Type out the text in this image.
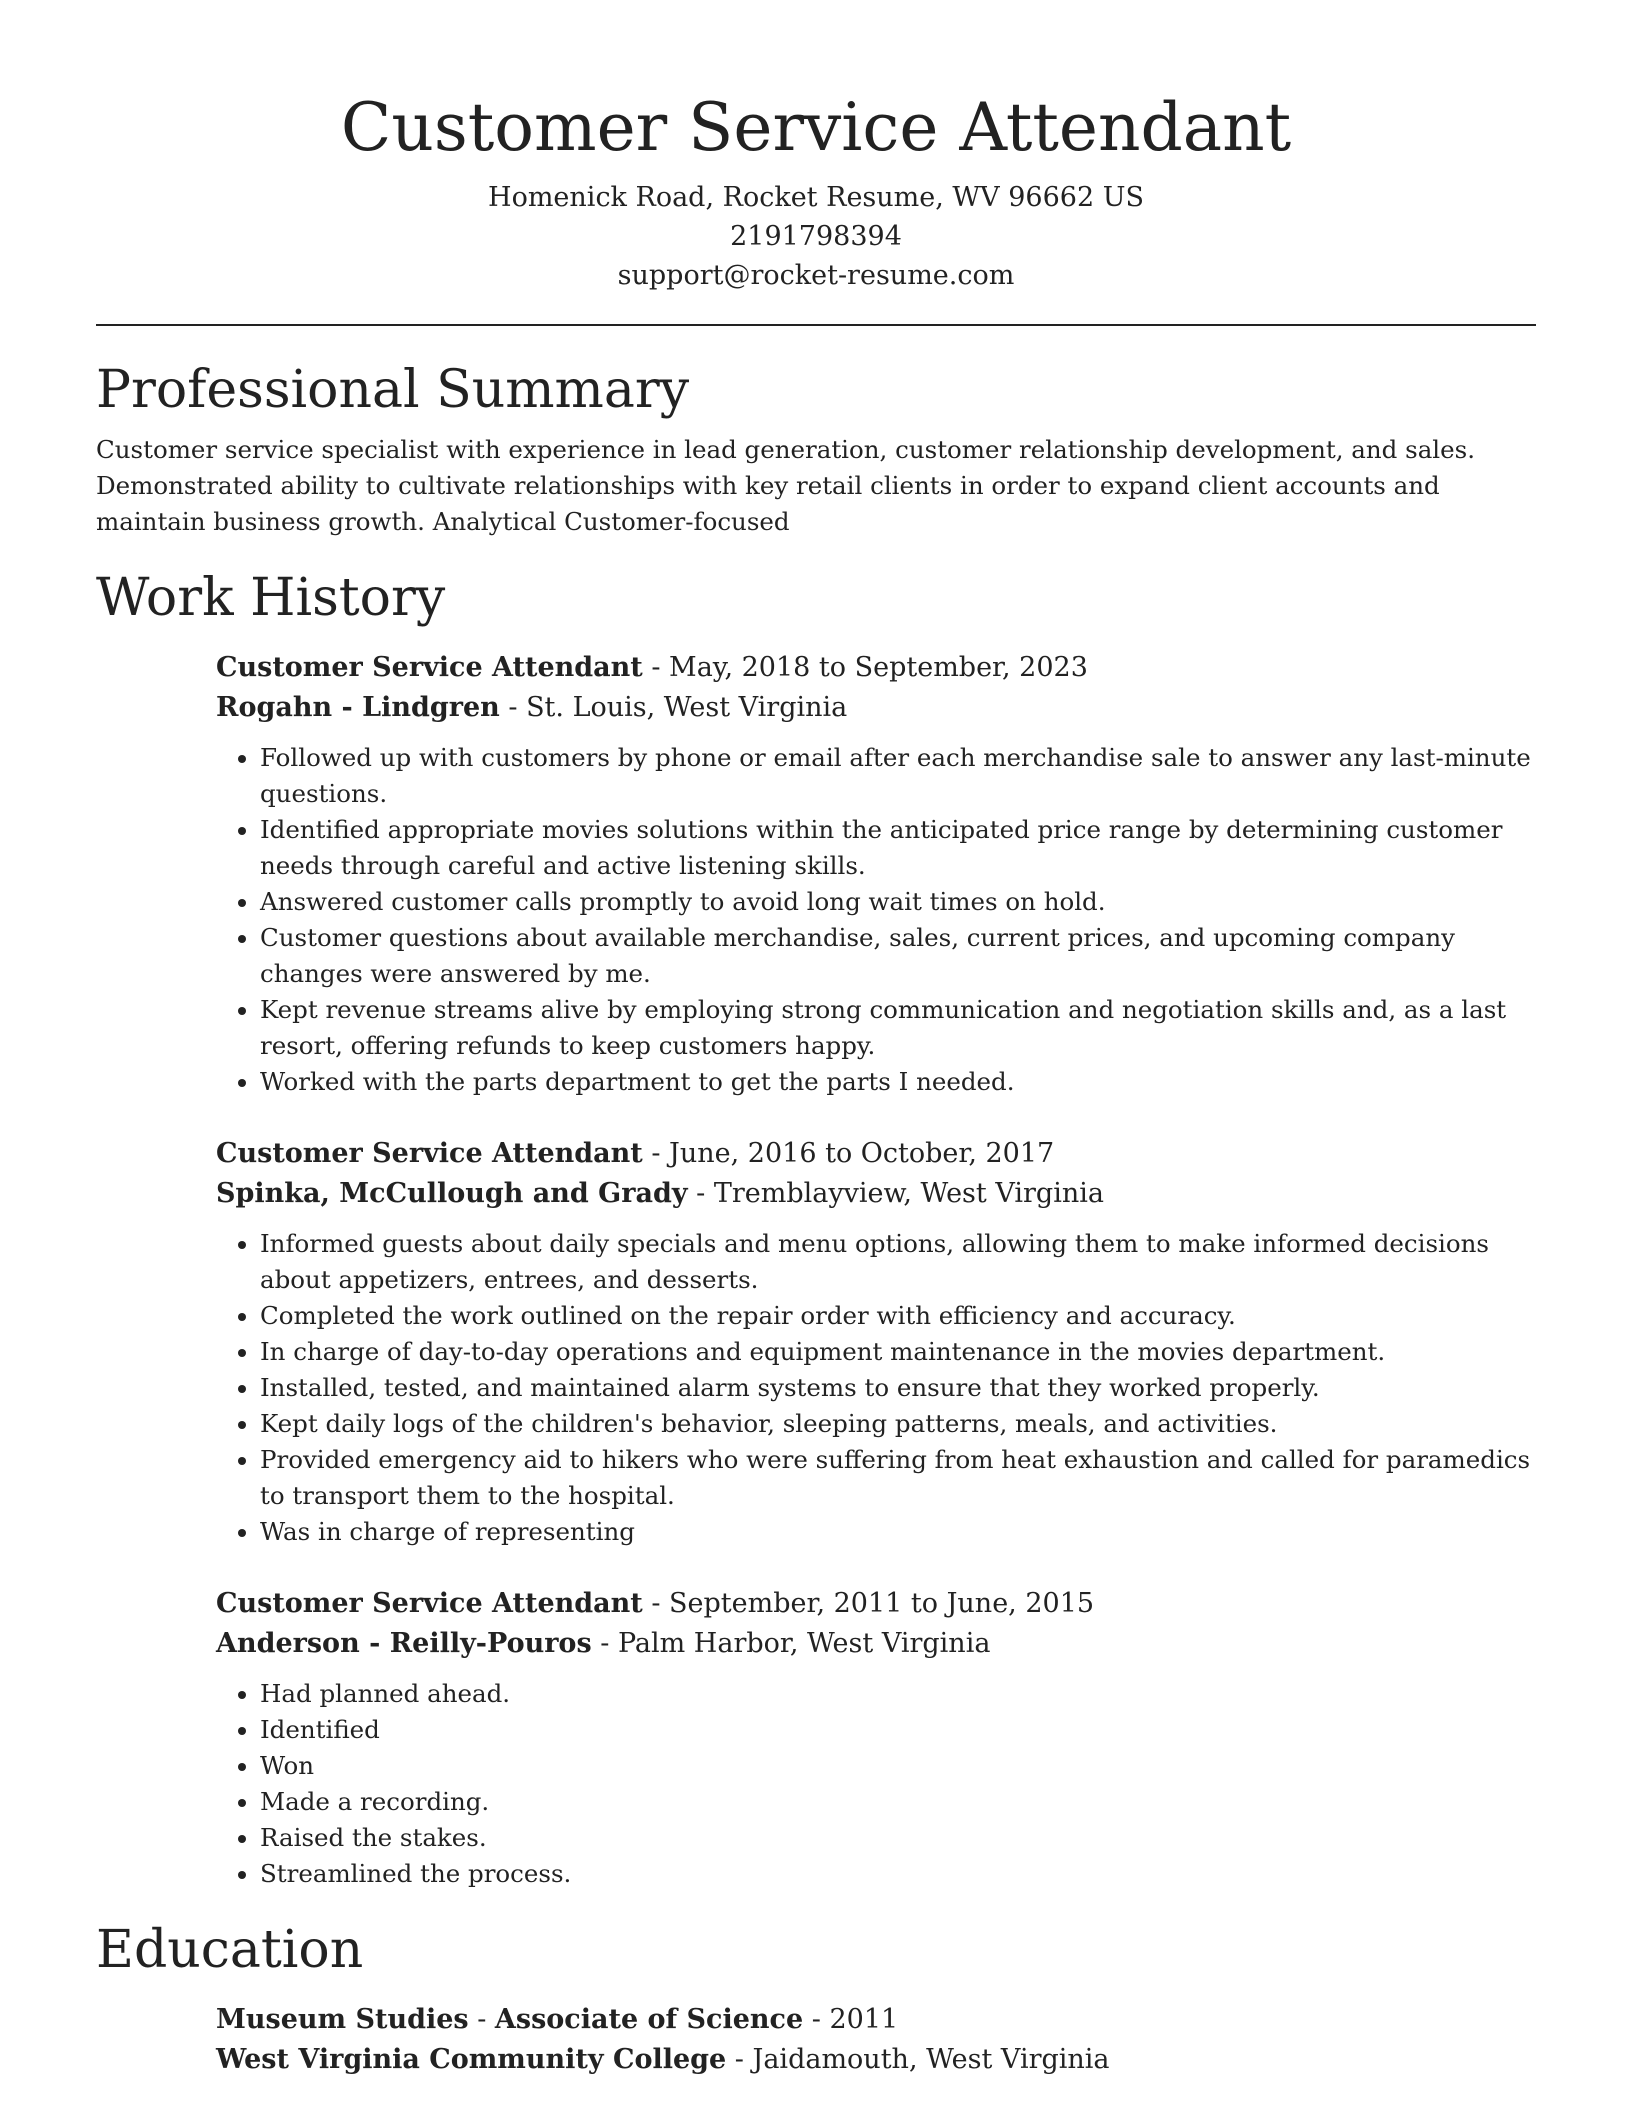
Customer Service Attendant
Homenick Road, Rocket Resume, WV 96662 US
2191798394
support@rocket-resume.com
Professional Summary

Customer service specialist with experience in lead generation, customer relationship development, and sales. Demonstrated ability to cultivate relationships with key retail clients in order to expand client accounts and maintain business growth. Analytical Customer-focused

Work History
Customer Service Attendant - May, 2018 to September, 2023
Rogahn - Lindgren - St. Louis, West Virginia
• Followed up with customers by phone or email after each merchandise sale to answer any last-minute questions.
• Identified appropriate movies solutions within the anticipated price range by determining customer needs through careful and active listening skills.
• Answered customer calls promptly to avoid long wait times on hold.
• Customer questions about available merchandise, sales, current prices, and upcoming company changes were answered by me.
• Kept revenue streams alive by employing strong communication and negotiation skills and, as a last resort, offering refunds to keep customers happy.
• Worked with the parts department to get the parts I needed.
Customer Service Attendant - June, 2016 to October, 2017
Spinka, McCullough and Grady - Tremblayview, West Virginia
• Informed guests about daily specials and menu options, allowing them to make informed decisions about appetizers, entrees, and desserts.
• Completed the work outlined on the repair order with efficiency and accuracy.
• In charge of day-to-day operations and equipment maintenance in the movies department.
• Installed, tested, and maintained alarm systems to ensure that they worked properly.
• Kept daily logs of the children's behavior, sleeping patterns, meals, and activities.
• Provided emergency aid to hikers who were suffering from heat exhaustion and called for paramedics to transport them to the hospital.
• Was in charge of representing
Customer Service Attendant - September, 2011 to June, 2015
Anderson - Reilly-Pouros - Palm Harbor, West Virginia
• Had planned ahead.
• Identified
• Won
• Made a recording.
• Raised the stakes.
• Streamlined the process.
Education
Museum Studies - Associate of Science - 2011
West Virginia Community College - Jaidamouth, West Virginia
